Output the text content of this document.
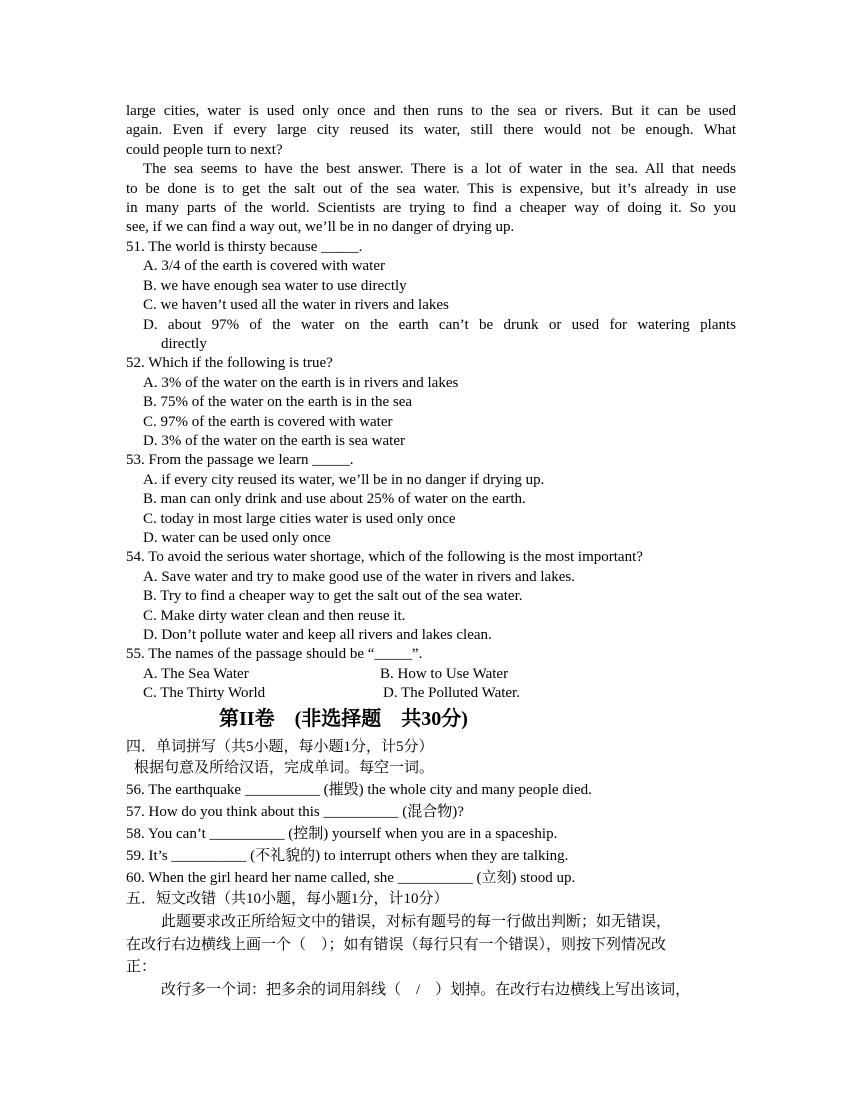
large cities, water is used only once and then runs to the sea or rivers. But it can be used
again. Even if every large city reused its water, still there would not be enough. What
could people turn to next?
The sea seems to have the best answer. There is a lot of water in the sea. All that needs
to be done is to get the salt out of the sea water. This is expensive, but it’s already in use
in many parts of the world. Scientists are trying to find a cheaper way of doing it. So you
see, if we can find a way out, we’ll be in no danger of drying up.
51. The world is thirsty because _____.
A. 3/4 of the earth is covered with water
B. we have enough sea water to use directly
C. we haven’t used all the water in rivers and lakes
D. about 97% of the water on the earth can’t be drunk or used for watering plants
directly
52. Which if the following is true?
A. 3% of the water on the earth is in rivers and lakes
B. 75% of the water on the earth is in the sea
C. 97% of the earth is covered with water
D. 3% of the water on the earth is sea water
53. From the passage we learn _____.
A. if every city reused its water, we’ll be in no danger if drying up.
B. man can only drink and use about 25% of water on the earth.
C. today in most large cities water is used only once
D. water can be used only once
54. To avoid the serious water shortage, which of the following is the most important?
A. Save water and try to make good use of the water in rivers and lakes.
B. Try to find a cheaper way to get the salt out of the sea water.
C. Make dirty water clean and then reuse it.
D. Don’t pollute water and keep all rivers and lakes clean.
55. The names of the passage should be “_____”.
A. The Sea Water	B. How to Use Water
C. The Thirty World	D. The Polluted Water.
第II卷　(非选择题　共30分)
四．单词拼写（共5小题，每小题1分，计5分）
根据句意及所给汉语，完成单词。每空一词。
56. The earthquake __________ (摧毁) the whole city and many people died.
57. How do you think about this __________ (混合物)?
58. You can’t __________ (控制) yourself when you are in a spaceship.
59. It’s __________ (不礼貌的) to interrupt others when they are talking.
60. When the girl heard her name called, she __________ (立刻) stood up.
五．短文改错（共10小题，每小题1分，计10分）
此题要求改正所给短文中的错误，对标有题号的每一行做出判断；如无错误，
在改行右边横线上画一个（　）；如有错误（每行只有一个错误），则按下列情况改
正：
改行多一个词：把多余的词用斜线（　/　）划掉。在改行右边横线上写出该词，
